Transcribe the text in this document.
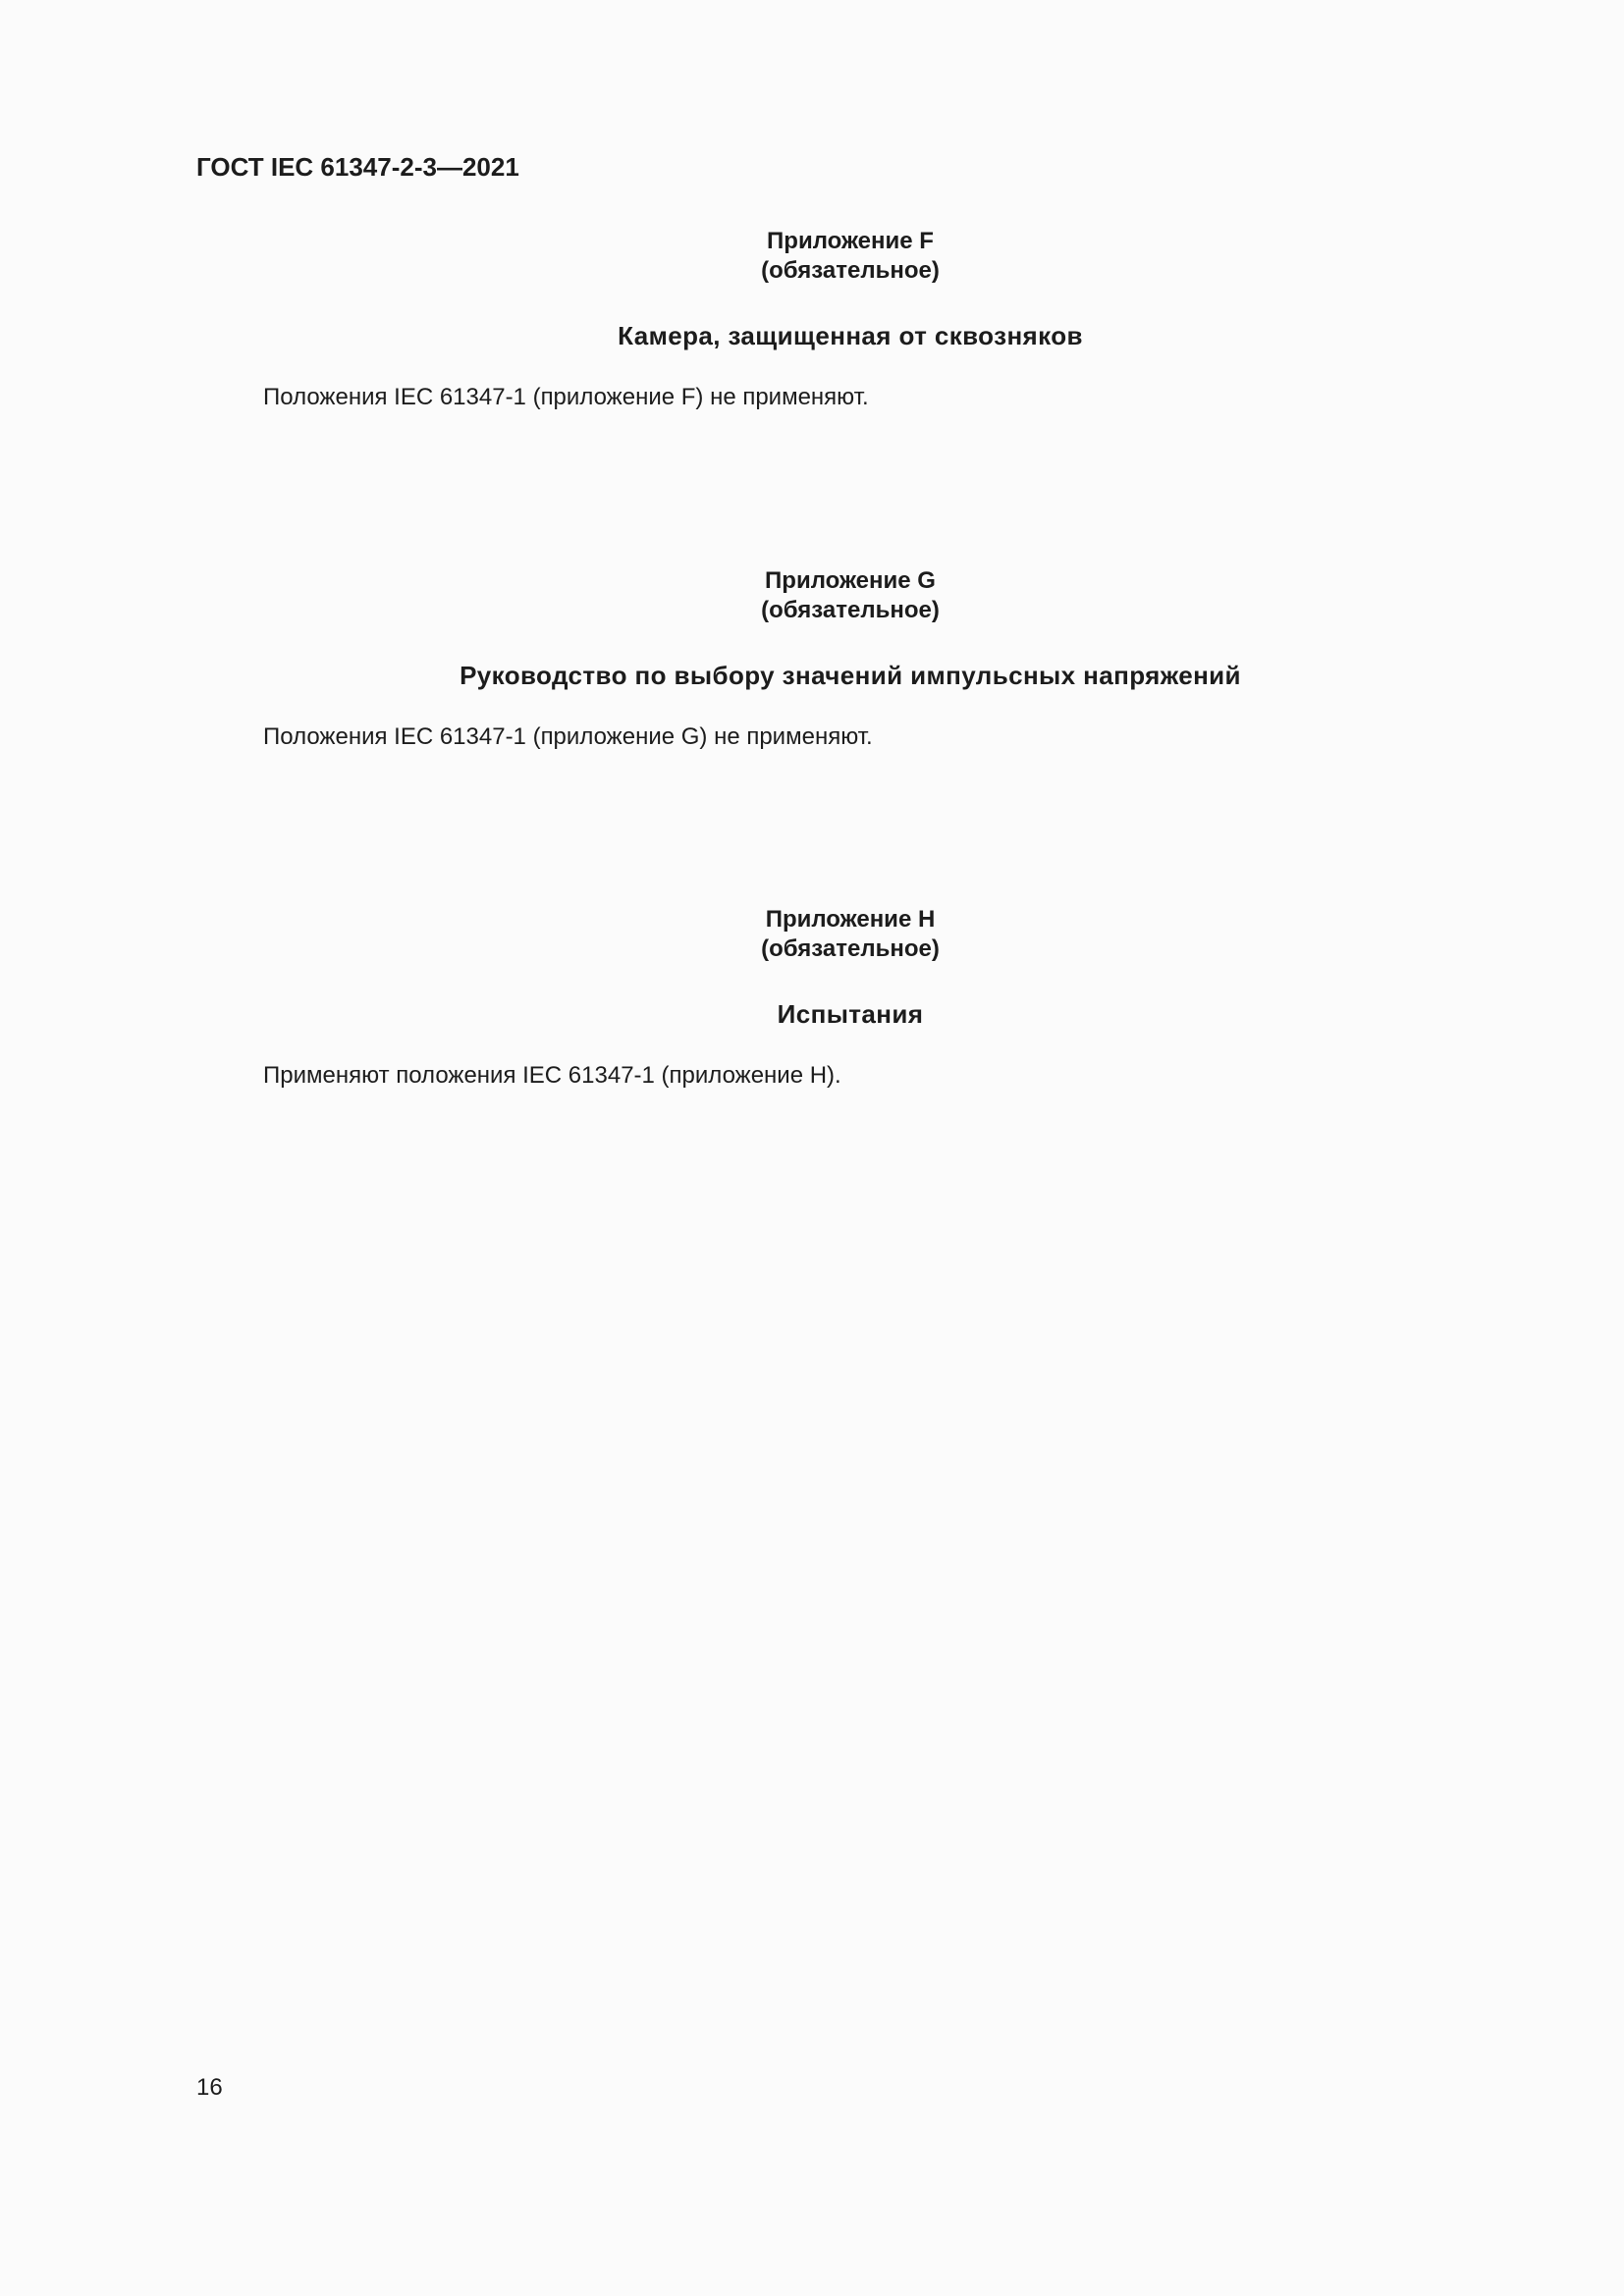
ГОСТ IEC 61347-2-3—2021
Приложение F
(обязательное)
Камера, защищенная от сквозняков
Положения IEC 61347-1 (приложение F) не применяют.
Приложение G
(обязательное)
Руководство по выбору значений импульсных напряжений
Положения IEC 61347-1 (приложение G) не применяют.
Приложение H
(обязательное)
Испытания
Применяют положения IEC 61347-1 (приложение H).
16
